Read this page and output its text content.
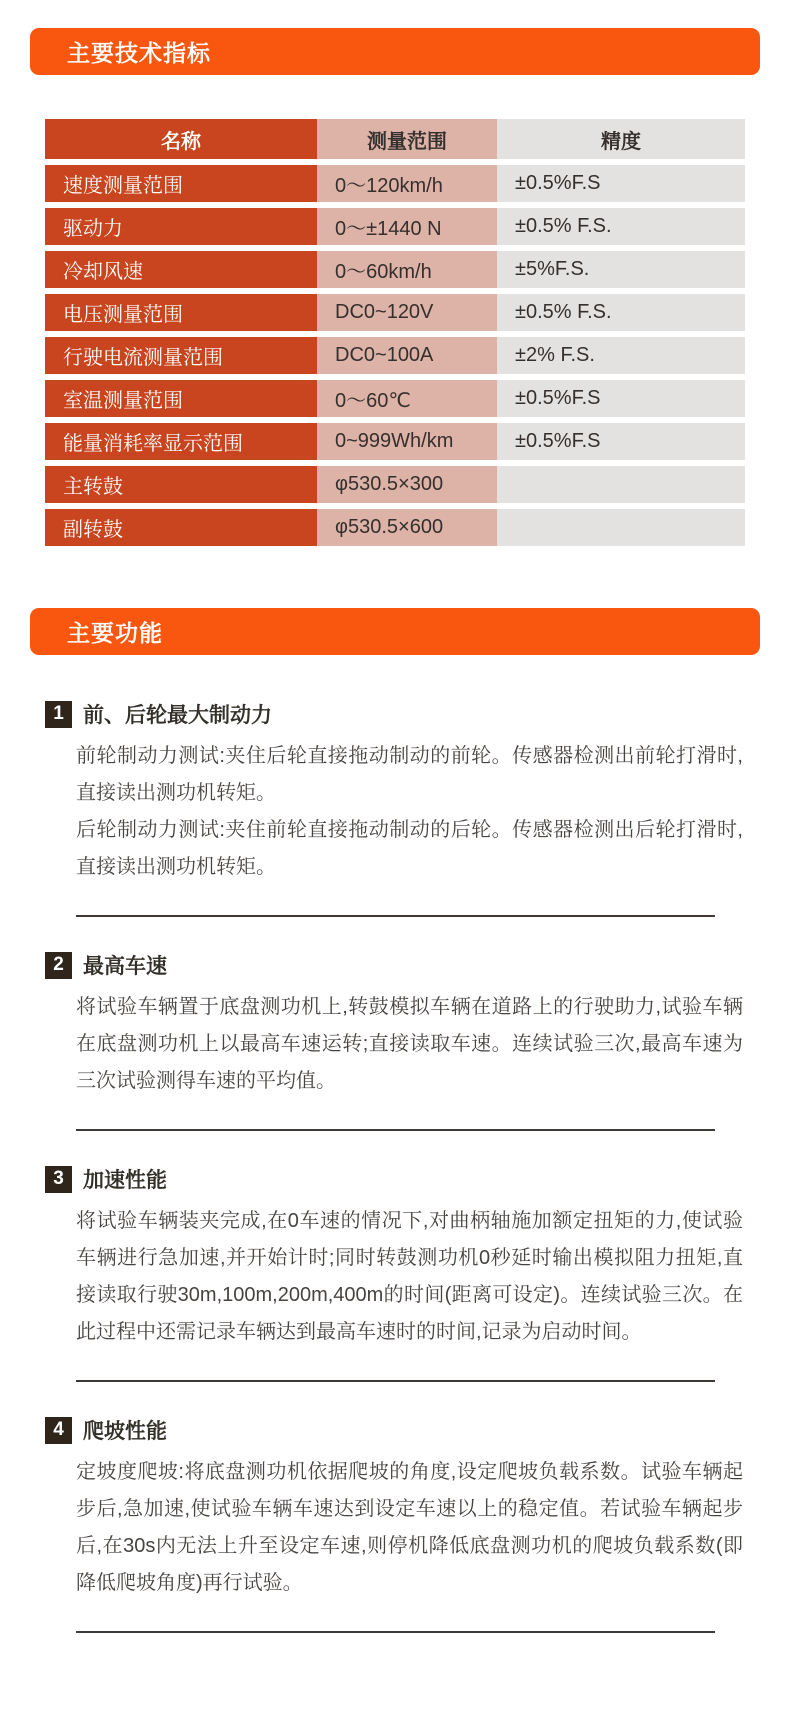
主要技术指标
名称	测量范围	精度
速度测量范围	0〜120km/h	±0.5%F.S
驱动力	0〜±1440 N	±0.5% F.S.
冷却风速	0〜60km/h	±5%F.S.
电压测量范围	DC0~120V	±0.5% F.S.
行驶电流测量范围	DC0~100A	±2% F.S.
室温测量范围	0〜60℃	±0.5%F.S
能量消耗率显示范围	0~999Wh/km	±0.5%F.S
主转鼓	φ530.5×300	
副转鼓	φ530.5×600	
主要功能
1 前、后轮最大制动力

前轮制动力测试:夹住后轮直接拖动制动的前轮。传感器检测出前轮打滑时,直接读出测功机转矩。

后轮制动力测试:夹住前轮直接拖动制动的后轮。传感器检测出后轮打滑时,直接读出测功机转矩。

2 最高车速

将试验车辆置于底盘测功机上,转鼓模拟车辆在道路上的行驶助力,试验车辆在底盘测功机上以最高车速运转;直接读取车速。连续试验三次,最高车速为三次试验测得车速的平均值。

3 加速性能

将试验车辆装夹完成,在0车速的情况下,对曲柄轴施加额定扭矩的力,使试验车辆进行急加速,并开始计时;同时转鼓测功机0秒延时输出模拟阻力扭矩,直接读取行驶30m,100m,200m,400m的时间(距离可设定)。连续试验三次。在此过程中还需记录车辆达到最高车速时的时间,记录为启动时间。

4 爬坡性能

定坡度爬坡:将底盘测功机依据爬坡的角度,设定爬坡负载系数。试验车辆起步后,急加速,使试验车辆车速达到设定车速以上的稳定值。若试验车辆起步后,在30s内无法上升至设定车速,则停机降低底盘测功机的爬坡负载系数(即降低爬坡角度)再行试验。
